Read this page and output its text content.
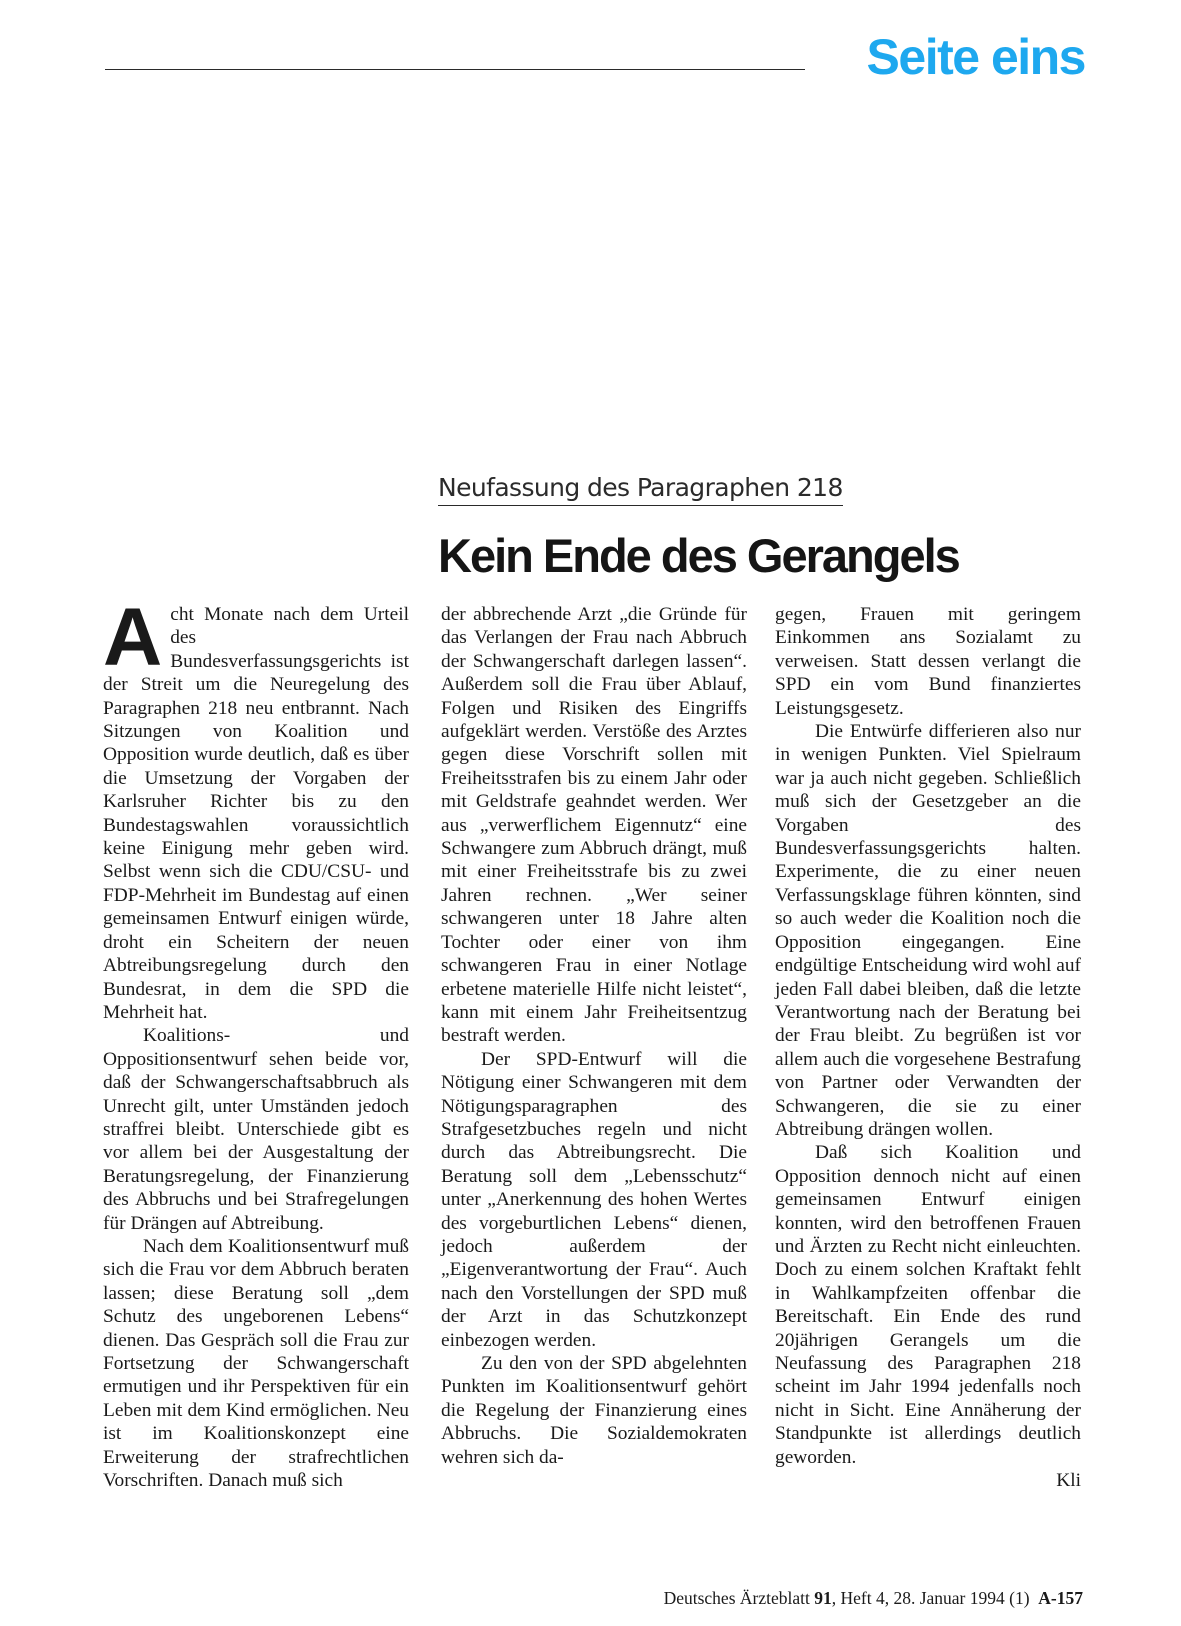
Seite eins
Neufassung des Paragraphen 218
Kein Ende des Gerangels

Acht Monate nach dem Urteil des Bundesverfassungsgerichts ist der Streit um die Neuregelung des Paragraphen 218 neu entbrannt. Nach Sitzungen von Koalition und Opposition wurde deutlich, daß es über die Umsetzung der Vorgaben der Karlsruher Richter bis zu den Bundestagswahlen voraussichtlich keine Einigung mehr geben wird. Selbst wenn sich die CDU/CSU- und FDP-Mehrheit im Bundestag auf einen gemeinsamen Entwurf einigen würde, droht ein Scheitern der neuen Abtreibungsregelung durch den Bundesrat, in dem die SPD die Mehrheit hat.

Koalitions- und Oppositionsentwurf sehen beide vor, daß der Schwangerschaftsabbruch als Unrecht gilt, unter Umständen jedoch straffrei bleibt. Unterschiede gibt es vor allem bei der Ausgestaltung der Beratungsregelung, der Finanzierung des Abbruchs und bei Strafregelungen für Drängen auf Abtreibung.

Nach dem Koalitionsentwurf muß sich die Frau vor dem Abbruch beraten lassen; diese Beratung soll „dem Schutz des ungeborenen Lebens“ dienen. Das Gespräch soll die Frau zur Fortsetzung der Schwangerschaft ermutigen und ihr Perspektiven für ein Leben mit dem Kind ermöglichen. Neu ist im Koalitionskonzept eine Erweiterung der strafrechtlichen Vorschriften. Danach muß sich

der abbrechende Arzt „die Gründe für das Verlangen der Frau nach Abbruch der Schwangerschaft darlegen lassen“. Außerdem soll die Frau über Ablauf, Folgen und Risiken des Eingriffs aufgeklärt werden. Verstöße des Arztes gegen diese Vorschrift sollen mit Freiheitsstrafen bis zu einem Jahr oder mit Geldstrafe geahndet werden. Wer aus „verwerflichem Eigennutz“ eine Schwangere zum Abbruch drängt, muß mit einer Freiheitsstrafe bis zu zwei Jahren rechnen. „Wer seiner schwangeren unter 18 Jahre alten Tochter oder einer von ihm schwangeren Frau in einer Notlage erbetene materielle Hilfe nicht leistet“, kann mit einem Jahr Freiheitsentzug bestraft werden.

Der SPD-Entwurf will die Nötigung einer Schwangeren mit dem Nötigungsparagraphen des Strafgesetzbuches regeln und nicht durch das Abtreibungsrecht. Die Beratung soll dem „Lebensschutz“ unter „Anerkennung des hohen Wertes des vorgeburtlichen Lebens“ dienen, jedoch außerdem der „Eigenverantwortung der Frau“. Auch nach den Vorstellungen der SPD muß der Arzt in das Schutzkonzept einbezogen werden.

Zu den von der SPD abgelehnten Punkten im Koalitionsentwurf gehört die Regelung der Finanzierung eines Abbruchs. Die Sozialdemokraten wehren sich da-

gegen, Frauen mit geringem Einkommen ans Sozialamt zu verweisen. Statt dessen verlangt die SPD ein vom Bund finanziertes Leistungsgesetz.

Die Entwürfe differieren also nur in wenigen Punkten. Viel Spielraum war ja auch nicht gegeben. Schließlich muß sich der Gesetzgeber an die Vorgaben des Bundesverfassungsgerichts halten. Experimente, die zu einer neuen Verfassungsklage führen könnten, sind so auch weder die Koalition noch die Opposition eingegangen. Eine endgültige Entscheidung wird wohl auf jeden Fall dabei bleiben, daß die letzte Verantwortung nach der Beratung bei der Frau bleibt. Zu begrüßen ist vor allem auch die vorgesehene Bestrafung von Partner oder Verwandten der Schwangeren, die sie zu einer Abtreibung drängen wollen.

Daß sich Koalition und Opposition dennoch nicht auf einen gemeinsamen Entwurf einigen konnten, wird den betroffenen Frauen und Ärzten zu Recht nicht einleuchten. Doch zu einem solchen Kraftakt fehlt in Wahlkampfzeiten offenbar die Bereitschaft. Ein Ende des rund 20jährigen Gerangels um die Neufassung des Paragraphen 218 scheint im Jahr 1994 jedenfalls noch nicht in Sicht. Eine Annäherung der Standpunkte ist allerdings deutlich geworden.

Kli

Deutsches Ärzteblatt 91, Heft 4, 28. Januar 1994 (1) A-157
